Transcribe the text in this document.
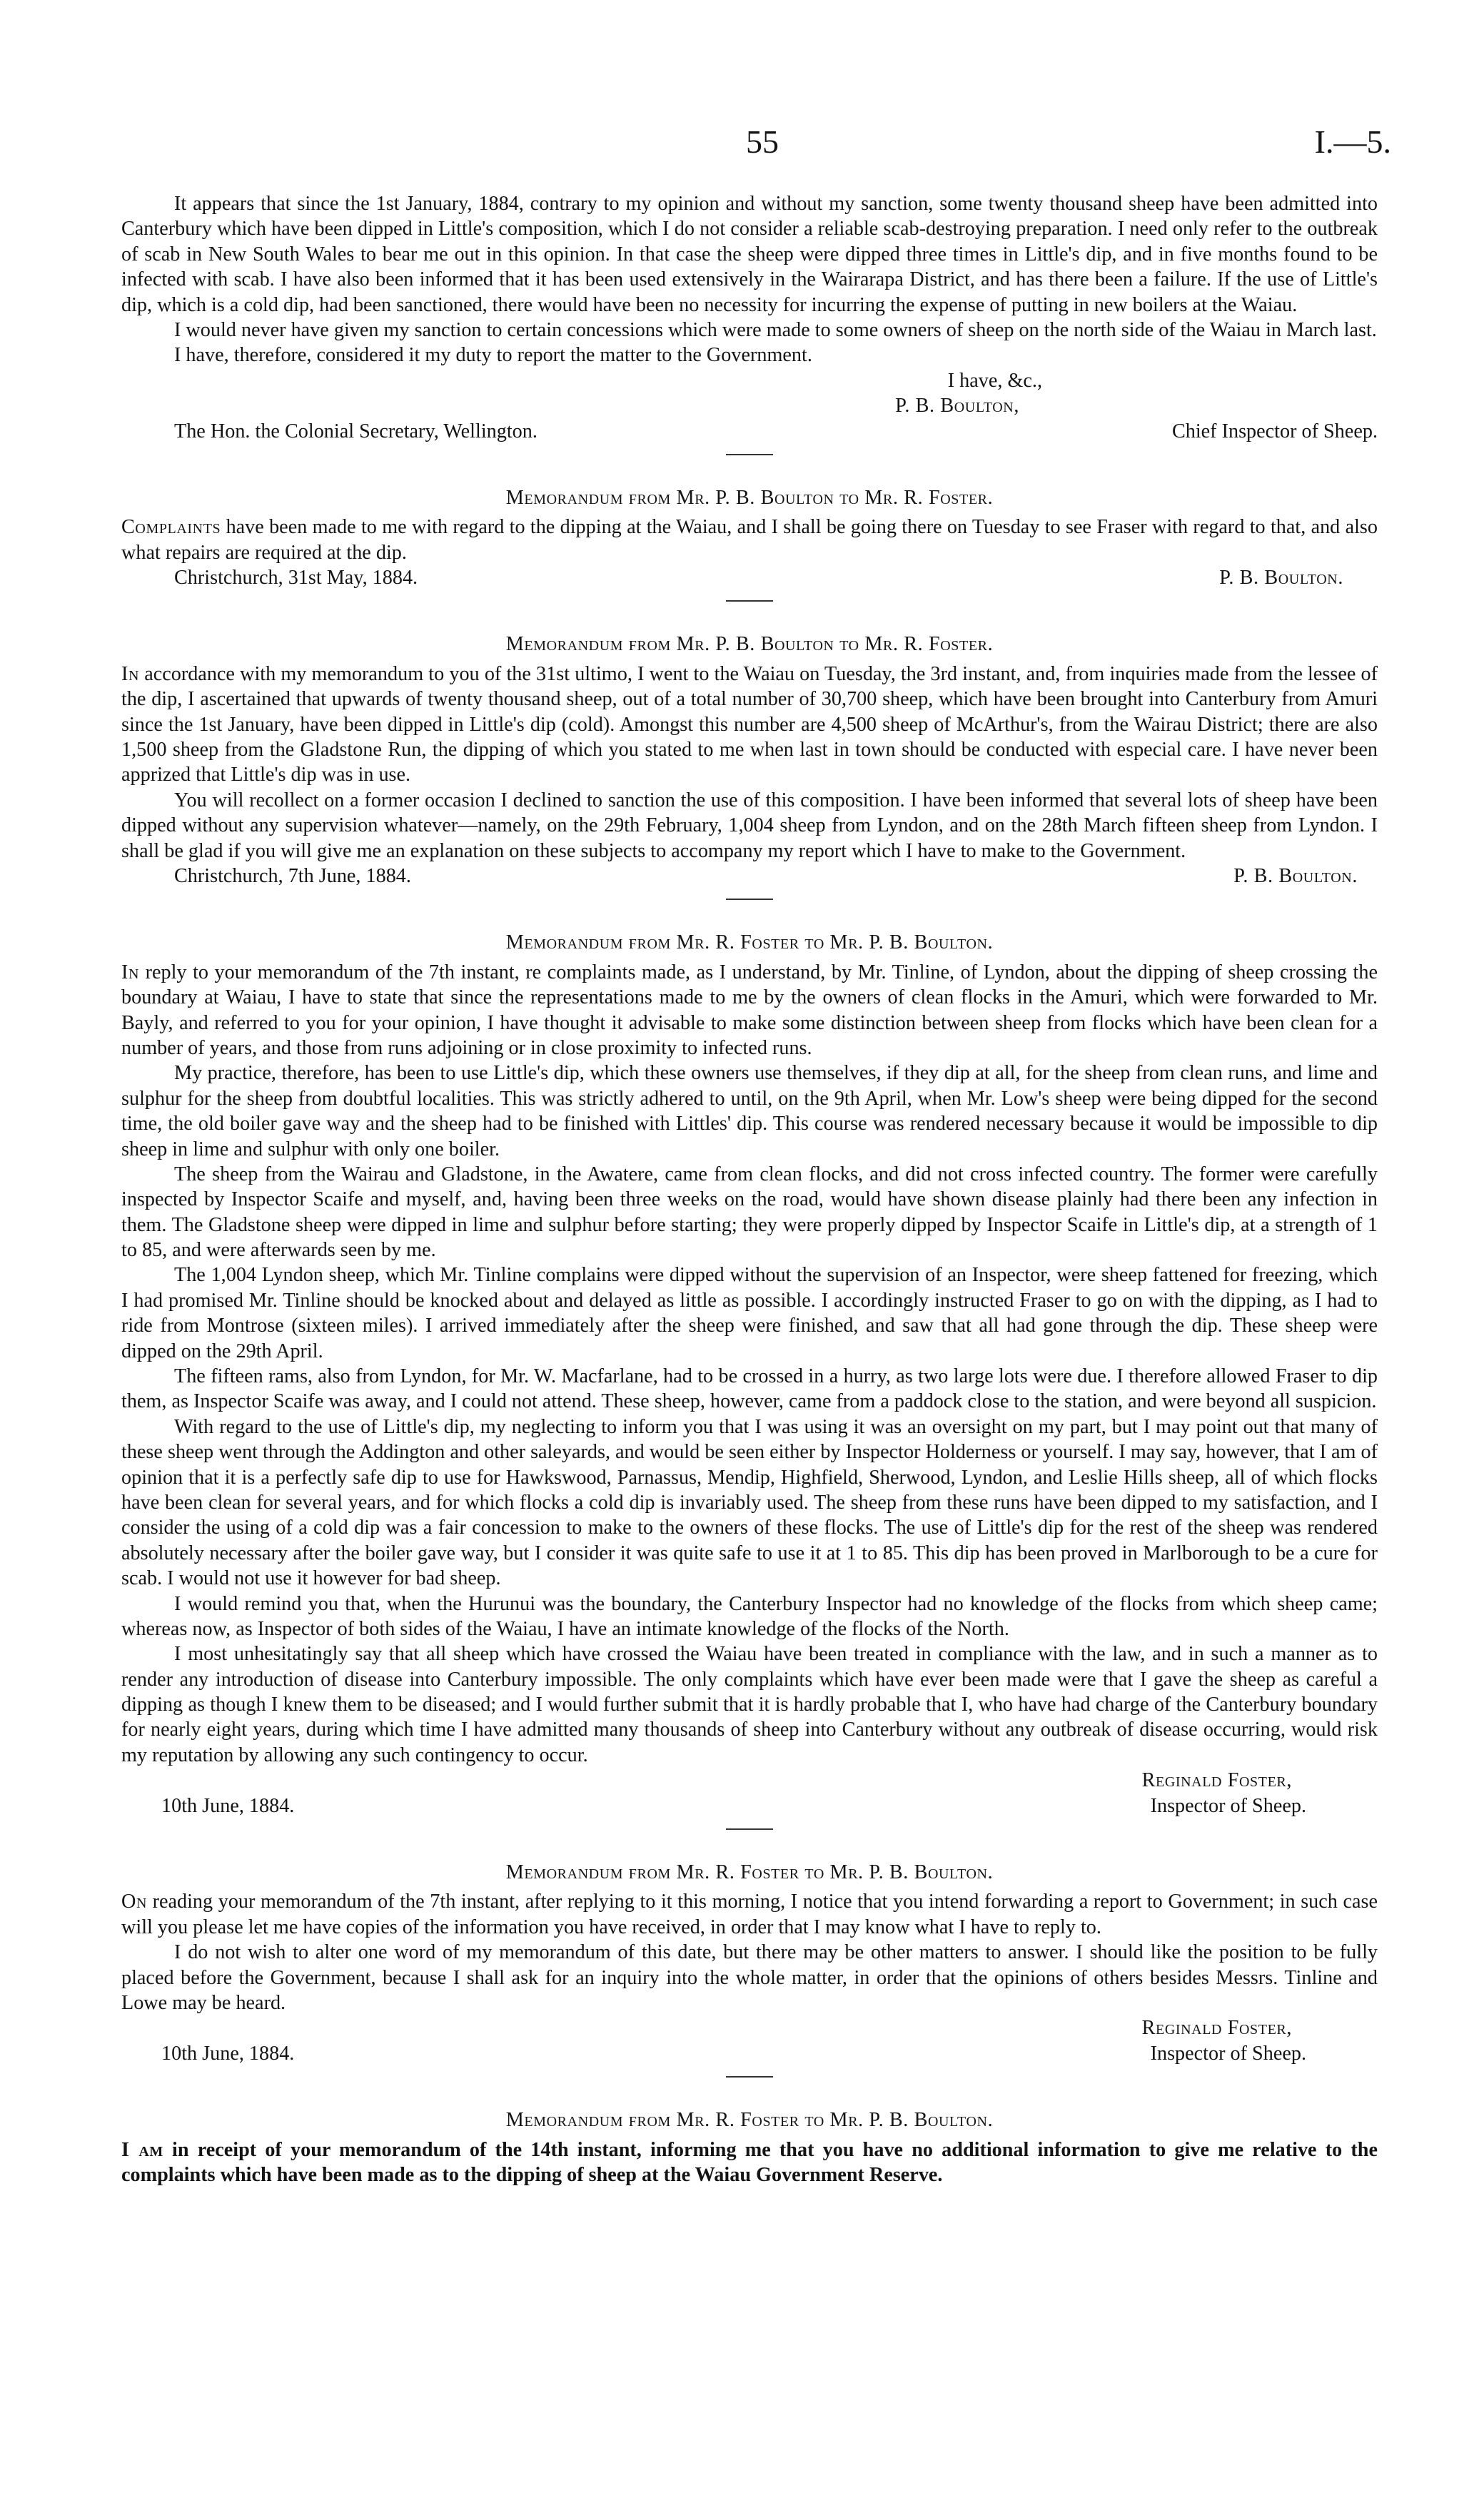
55	I.—5.

It appears that since the 1st January, 1884, contrary to my opinion and without my sanction, some twenty thousand sheep have been admitted into Canterbury which have been dipped in Little's composition, which I do not consider a reliable scab-destroying preparation. I need only refer to the outbreak of scab in New South Wales to bear me out in this opinion. In that case the sheep were dipped three times in Little's dip, and in five months found to be infected with scab. I have also been informed that it has been used extensively in the Wairarapa District, and has there been a failure. If the use of Little's dip, which is a cold dip, had been sanctioned, there would have been no necessity for incurring the expense of putting in new boilers at the Waiau.

I would never have given my sanction to certain concessions which were made to some owners of sheep on the north side of the Waiau in March last.

I have, therefore, considered it my duty to report the matter to the Government.

I have, &c.,
P. B. Boulton,
The Hon. the Colonial Secretary, Wellington.	Chief Inspector of Sheep.
Memorandum from Mr. P. B. Boulton to Mr. R. Foster.

Complaints have been made to me with regard to the dipping at the Waiau, and I shall be going there on Tuesday to see Fraser with regard to that, and also what repairs are required at the dip.

Christchurch, 31st May, 1884.	P. B. Boulton.
Memorandum from Mr. P. B. Boulton to Mr. R. Foster.

In accordance with my memorandum to you of the 31st ultimo, I went to the Waiau on Tuesday, the 3rd instant, and, from inquiries made from the lessee of the dip, I ascertained that upwards of twenty thousand sheep, out of a total number of 30,700 sheep, which have been brought into Canterbury from Amuri since the 1st January, have been dipped in Little's dip (cold). Amongst this number are 4,500 sheep of McArthur's, from the Wairau District; there are also 1,500 sheep from the Gladstone Run, the dipping of which you stated to me when last in town should be conducted with especial care. I have never been apprized that Little's dip was in use.

You will recollect on a former occasion I declined to sanction the use of this composition. I have been informed that several lots of sheep have been dipped without any supervision whatever—namely, on the 29th February, 1,004 sheep from Lyndon, and on the 28th March fifteen sheep from Lyndon. I shall be glad if you will give me an explanation on these subjects to accompany my report which I have to make to the Government.

Christchurch, 7th June, 1884.	P. B. Boulton.
Memorandum from Mr. R. Foster to Mr. P. B. Boulton.

In reply to your memorandum of the 7th instant, re complaints made, as I understand, by Mr. Tinline, of Lyndon, about the dipping of sheep crossing the boundary at Waiau, I have to state that since the representations made to me by the owners of clean flocks in the Amuri, which were forwarded to Mr. Bayly, and referred to you for your opinion, I have thought it advisable to make some distinction between sheep from flocks which have been clean for a number of years, and those from runs adjoining or in close proximity to infected runs.

My practice, therefore, has been to use Little's dip, which these owners use themselves, if they dip at all, for the sheep from clean runs, and lime and sulphur for the sheep from doubtful localities. This was strictly adhered to until, on the 9th April, when Mr. Low's sheep were being dipped for the second time, the old boiler gave way and the sheep had to be finished with Littles' dip. This course was rendered necessary because it would be impossible to dip sheep in lime and sulphur with only one boiler.

The sheep from the Wairau and Gladstone, in the Awatere, came from clean flocks, and did not cross infected country. The former were carefully inspected by Inspector Scaife and myself, and, having been three weeks on the road, would have shown disease plainly had there been any infection in them. The Gladstone sheep were dipped in lime and sulphur before starting; they were properly dipped by Inspector Scaife in Little's dip, at a strength of 1 to 85, and were afterwards seen by me.

The 1,004 Lyndon sheep, which Mr. Tinline complains were dipped without the supervision of an Inspector, were sheep fattened for freezing, which I had promised Mr. Tinline should be knocked about and delayed as little as possible. I accordingly instructed Fraser to go on with the dipping, as I had to ride from Montrose (sixteen miles). I arrived immediately after the sheep were finished, and saw that all had gone through the dip. These sheep were dipped on the 29th April.

The fifteen rams, also from Lyndon, for Mr. W. Macfarlane, had to be crossed in a hurry, as two large lots were due. I therefore allowed Fraser to dip them, as Inspector Scaife was away, and I could not attend. These sheep, however, came from a paddock close to the station, and were beyond all suspicion.

With regard to the use of Little's dip, my neglecting to inform you that I was using it was an oversight on my part, but I may point out that many of these sheep went through the Addington and other saleyards, and would be seen either by Inspector Holderness or yourself. I may say, however, that I am of opinion that it is a perfectly safe dip to use for Hawkswood, Parnassus, Mendip, Highfield, Sherwood, Lyndon, and Leslie Hills sheep, all of which flocks have been clean for several years, and for which flocks a cold dip is invariably used. The sheep from these runs have been dipped to my satisfaction, and I consider the using of a cold dip was a fair concession to make to the owners of these flocks. The use of Little's dip for the rest of the sheep was rendered absolutely necessary after the boiler gave way, but I consider it was quite safe to use it at 1 to 85. This dip has been proved in Marlborough to be a cure for scab. I would not use it however for bad sheep.

I would remind you that, when the Hurunui was the boundary, the Canterbury Inspector had no knowledge of the flocks from which sheep came; whereas now, as Inspector of both sides of the Waiau, I have an intimate knowledge of the flocks of the North.

I most unhesitatingly say that all sheep which have crossed the Waiau have been treated in compliance with the law, and in such a manner as to render any introduction of disease into Canterbury impossible. The only complaints which have ever been made were that I gave the sheep as careful a dipping as though I knew them to be diseased; and I would further submit that it is hardly probable that I, who have had charge of the Canterbury boundary for nearly eight years, during which time I have admitted many thousands of sheep into Canterbury without any outbreak of disease occurring, would risk my reputation by allowing any such contingency to occur.

Reginald Foster,
10th June, 1884.	Inspector of Sheep.
Memorandum from Mr. R. Foster to Mr. P. B. Boulton.

On reading your memorandum of the 7th instant, after replying to it this morning, I notice that you intend forwarding a report to Government; in such case will you please let me have copies of the information you have received, in order that I may know what I have to reply to.

I do not wish to alter one word of my memorandum of this date, but there may be other matters to answer. I should like the position to be fully placed before the Government, because I shall ask for an inquiry into the whole matter, in order that the opinions of others besides Messrs. Tinline and Lowe may be heard.

Reginald Foster,
10th June, 1884.	Inspector of Sheep.
Memorandum from Mr. R. Foster to Mr. P. B. Boulton.

I am in receipt of your memorandum of the 14th instant, informing me that you have no additional information to give me relative to the complaints which have been made as to the dipping of sheep at the Waiau Government Reserve.
